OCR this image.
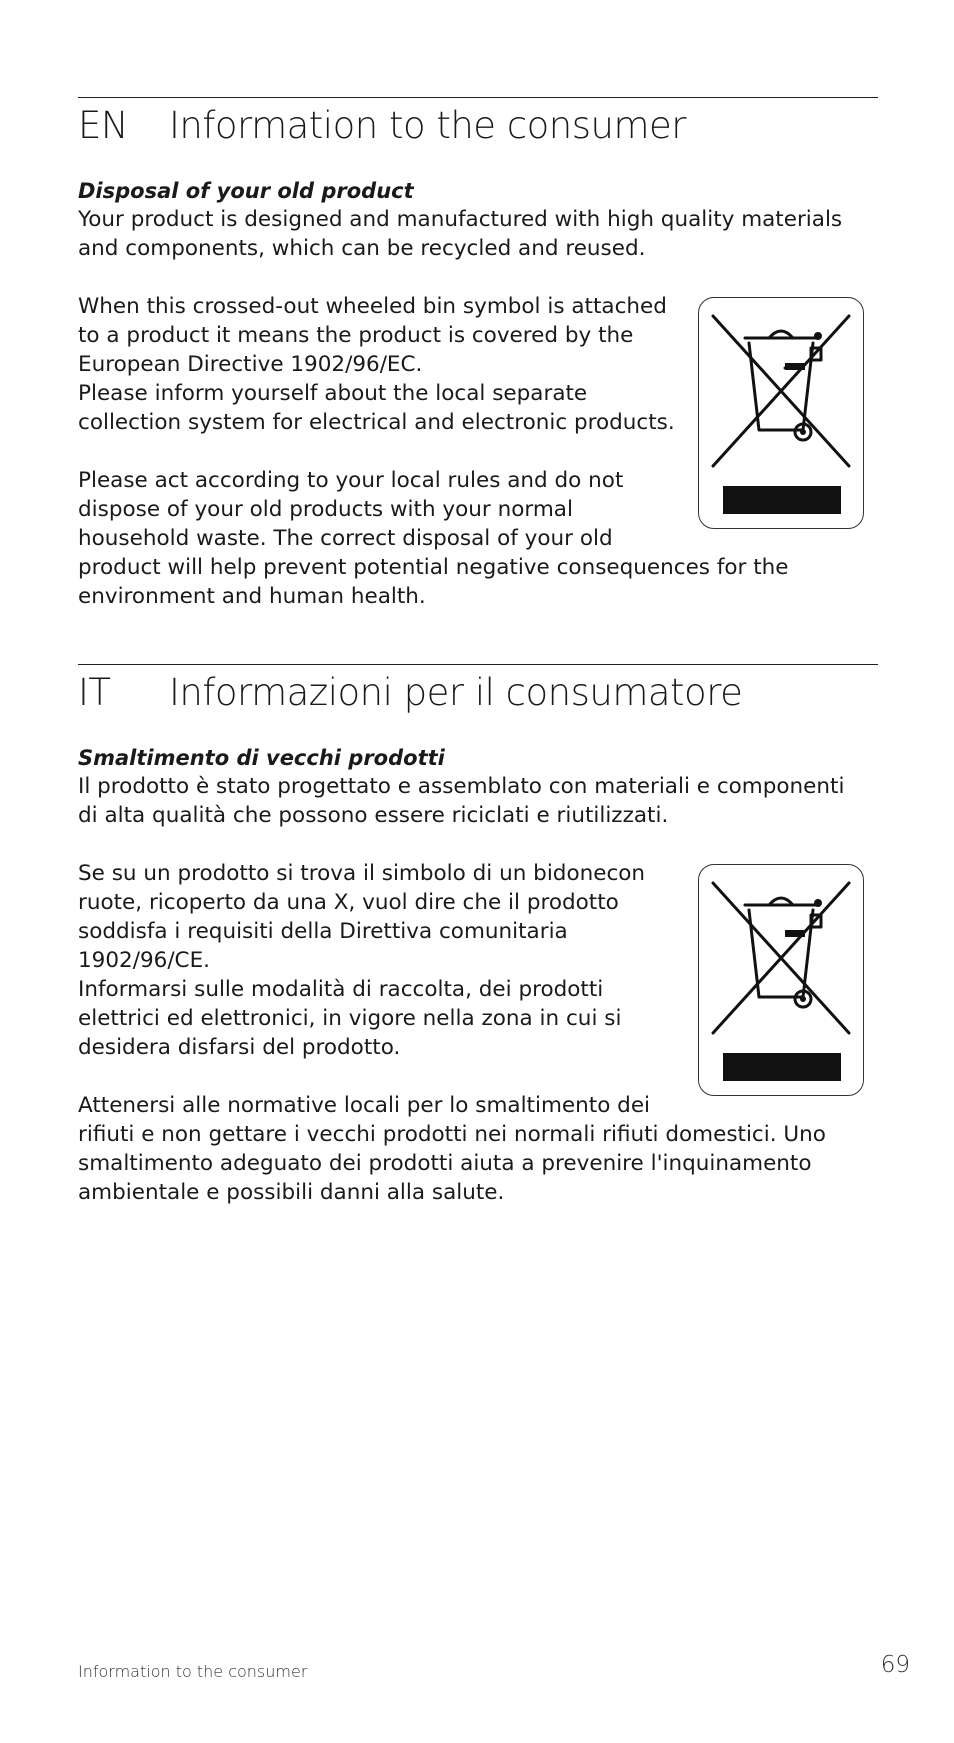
EN	Information to the consumer
Disposal of your old product

Your product is designed and manufactured with high quality materials

and components, which can be recycled and reused.

When this crossed-out wheeled bin symbol is attached

to a product it means the product is covered by the

European Directive 1902/96/EC.

Please inform yourself about the local separate

collection system for electrical and electronic products.

Please act according to your local rules and do not

dispose of your old products with your normal

household waste. The correct disposal of your old

product will help prevent potential negative consequences for the

environment and human health.

IT	Informazioni per il consumatore
Smaltimento di vecchi prodotti

Il prodotto è stato progettato e assemblato con materiali e componenti

di alta qualità che possono essere riciclati e riutilizzati.

Se su un prodotto si trova il simbolo di un bidonecon

ruote, ricoperto da una X, vuol dire che il prodotto

soddisfa i requisiti della Direttiva comunitaria

1902/96/CE.

Informarsi sulle modalità di raccolta, dei prodotti

elettrici ed elettronici, in vigore nella zona in cui si

desidera disfarsi del prodotto.

Attenersi alle normative locali per lo smaltimento dei

rifiuti e non gettare i vecchi prodotti nei normali rifiuti domestici. Uno

smaltimento adeguato dei prodotti aiuta a prevenire l'inquinamento

ambientale e possibili danni alla salute.

Information to the consumer	69
